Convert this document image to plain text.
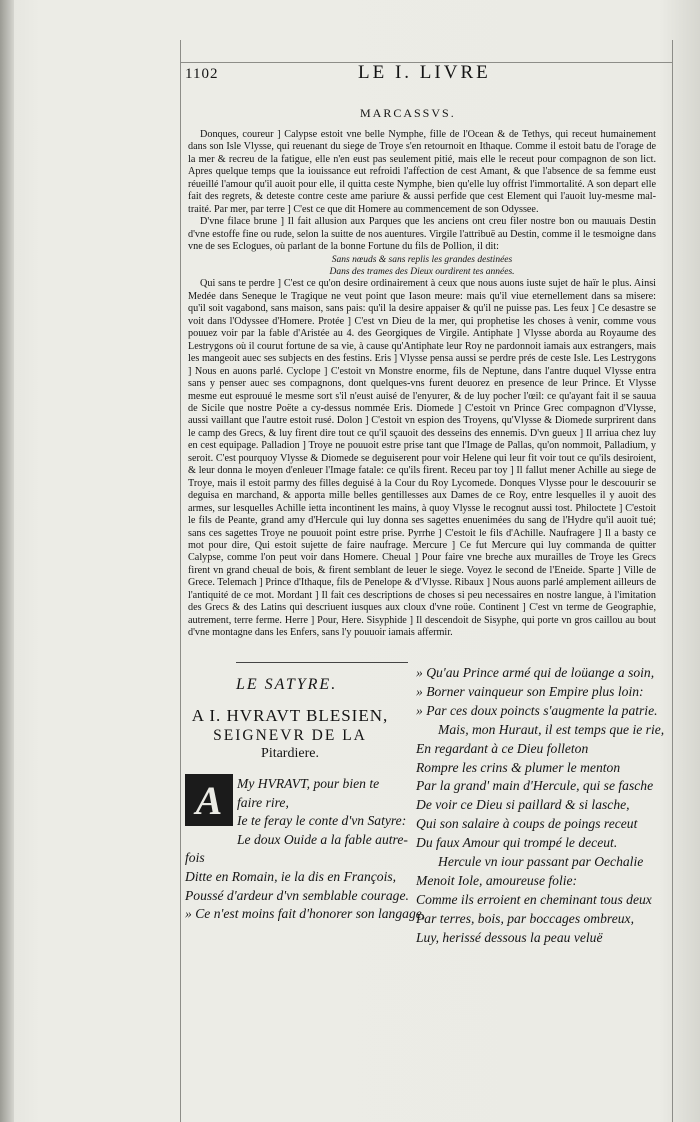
1102	LE I. LIVRE
MARCASSVS.

Donques, coureur ] Calypse estoit vne belle Nymphe, fille de l'Ocean & de Tethys, qui receut humainement dans son Isle Vlysse, qui reuenant du siege de Troye s'en retournoit en Ithaque. Comme il estoit batu de l'orage de la mer & recreu de la fatigue, elle n'en eust pas seulement pitié, mais elle le receut pour compagnon de son lict. Apres quelque temps que la iouissance eut refroidi l'affection de cest Amant, & que l'absence de sa femme eust réueillé l'amour qu'il auoit pour elle, il quitta ceste Nymphe, bien qu'elle luy offrist l'immortalité. A son depart elle fait des regrets, & deteste contre ceste ame pariure & aussi perfide que cest Element qui l'auoit luy-mesme mal-traité. Par mer, par terre ] C'est ce que dit Homere au commencement de son Odyssee.

D'vne filace brune ] Il fait allusion aux Parques que les anciens ont creu filer nostre bon ou mauuais Destin d'vne estoffe fine ou rude, selon la suitte de nos auentures. Virgile l'attribuë au Destin, comme il le tesmoigne dans vne de ses Eclogues, où parlant de la bonne Fortune du fils de Pollion, il dit:

Sans nœuds & sans replis les grandes destinées

Dans des trames des Dieux ourdirent tes années.

Qui sans te perdre ] C'est ce qu'on desire ordinairement à ceux que nous auons iuste sujet de haïr le plus. Ainsi Medée dans Seneque le Tragique ne veut point que Iason meure: mais qu'il viue eternellement dans sa misere: qu'il soit vagabond, sans maison, sans pais: qu'il la desire appaiser & qu'il ne puisse pas. Les feux ] Ce desastre se voit dans l'Odyssee d'Homere. Protée ] C'est vn Dieu de la mer, qui prophetise les choses à venir, comme vous pouuez voir par la fable d'Aristée au 4. des Georgiques de Virgile. Antiphate ] Vlysse aborda au Royaume des Lestrygons où il courut fortune de sa vie, à cause qu'Antiphate leur Roy ne pardonnoit iamais aux estrangers, mais les mangeoit auec ses subjects en des festins. Eris ] Vlysse pensa aussi se perdre prés de ceste Isle. Les Lestrygons ] Nous en auons parlé. Cyclope ] C'estoit vn Monstre enorme, fils de Neptune, dans l'antre duquel Vlysse entra sans y penser auec ses compagnons, dont quelques-vns furent deuorez en presence de leur Prince. Et Vlysse mesme eut esprouué le mesme sort s'il n'eust auisé de l'enyurer, & de luy pocher l'œil: ce qu'ayant fait il se sauua de Sicile que nostre Poëte a cy-dessus nommée Eris. Diomede ] C'estoit vn Prince Grec compagnon d'Vlysse, aussi vaillant que l'autre estoit rusé. Dolon ] C'estoit vn espion des Troyens, qu'Vlysse & Diomede surprirent dans le camp des Grecs, & luy firent dire tout ce qu'il sçauoit des desseins des ennemis. D'vn gueux ] Il arriua chez luy en cest equipage. Palladion ] Troye ne pouuoit estre prise tant que l'Image de Pallas, qu'on nommoit, Palladium, y seroit. C'est pourquoy Vlysse & Diomede se deguiserent pour voir Helene qui leur fit voir tout ce qu'ils desiroient, & leur donna le moyen d'enleuer l'Image fatale: ce qu'ils firent. Receu par toy ] Il fallut mener Achille au siege de Troye, mais il estoit parmy des filles deguisé à la Cour du Roy Lycomede. Donques Vlysse pour le descouurir se deguisa en marchand, & apporta mille belles gentillesses aux Dames de ce Roy, entre lesquelles il y auoit des armes, sur lesquelles Achille ietta incontinent les mains, à quoy Vlysse le recognut aussi tost. Philoctete ] C'estoit le fils de Peante, grand amy d'Hercule qui luy donna ses sagettes enuenimées du sang de l'Hydre qu'il auoit tué; sans ces sagettes Troye ne pouuoit point estre prise. Pyrrhe ] C'estoit le fils d'Achille. Naufragere ] Il a basty ce mot pour dire, Qui estoit sujette de faire naufrage. Mercure ] Ce fut Mercure qui luy commanda de quitter Calypse, comme l'on peut voir dans Homere. Cheual ] Pour faire vne breche aux murailles de Troye les Grecs firent vn grand cheual de bois, & firent semblant de leuer le siege. Voyez le second de l'Eneide. Sparte ] Ville de Grece. Telemach ] Prince d'Ithaque, fils de Penelope & d'Vlysse. Ribaux ] Nous auons parlé amplement ailleurs de l'antiquité de ce mot. Mordant ] Il fait ces descriptions de choses si peu necessaires en nostre langue, à l'imitation des Grecs & des Latins qui descriuent iusques aux cloux d'vne roüe. Continent ] C'est vn terme de Geographie, autrement, terre ferme. Herre ] Pour, Here. Sisyphide ] Il descendoit de Sisyphe, qui porte vn gros caillou au bout d'vne montagne dans les Enfers, sans l'y pouuoir iamais affermir.

LE SATYRE.
A I. HVRAVT BLESIEN,
SEIGNEVR DE LA
Pitardiere.
A	My HVRAVT, pour bien te
faire rire,
Ie te feray le conte d'vn Satyre:
Le doux Ouide a la fable autre-
fois
Ditte en Romain, ie la dis en François,
Poussé d'ardeur d'vn semblable courage.
» Ce n'est moins fait d'honorer son langage,
» Qu'au Prince armé qui de loüange a soin,
» Borner vainqueur son Empire plus loin:
» Par ces doux poincts s'augmente la patrie.
Mais, mon Huraut, il est temps que ie rie,
En regardant à ce Dieu folleton
Rompre les crins & plumer le menton
Par la grand' main d'Hercule, qui se fasche
De voir ce Dieu si paillard & si lasche,
Qui son salaire à coups de poings receut
Du faux Amour qui trompé le deceut.
Hercule vn iour passant par Oechalie
Menoit Iole, amoureuse folie:
Comme ils erroient en cheminant tous deux
Par terres, bois, par boccages ombreux,
Luy, herissé dessous la peau veluë
